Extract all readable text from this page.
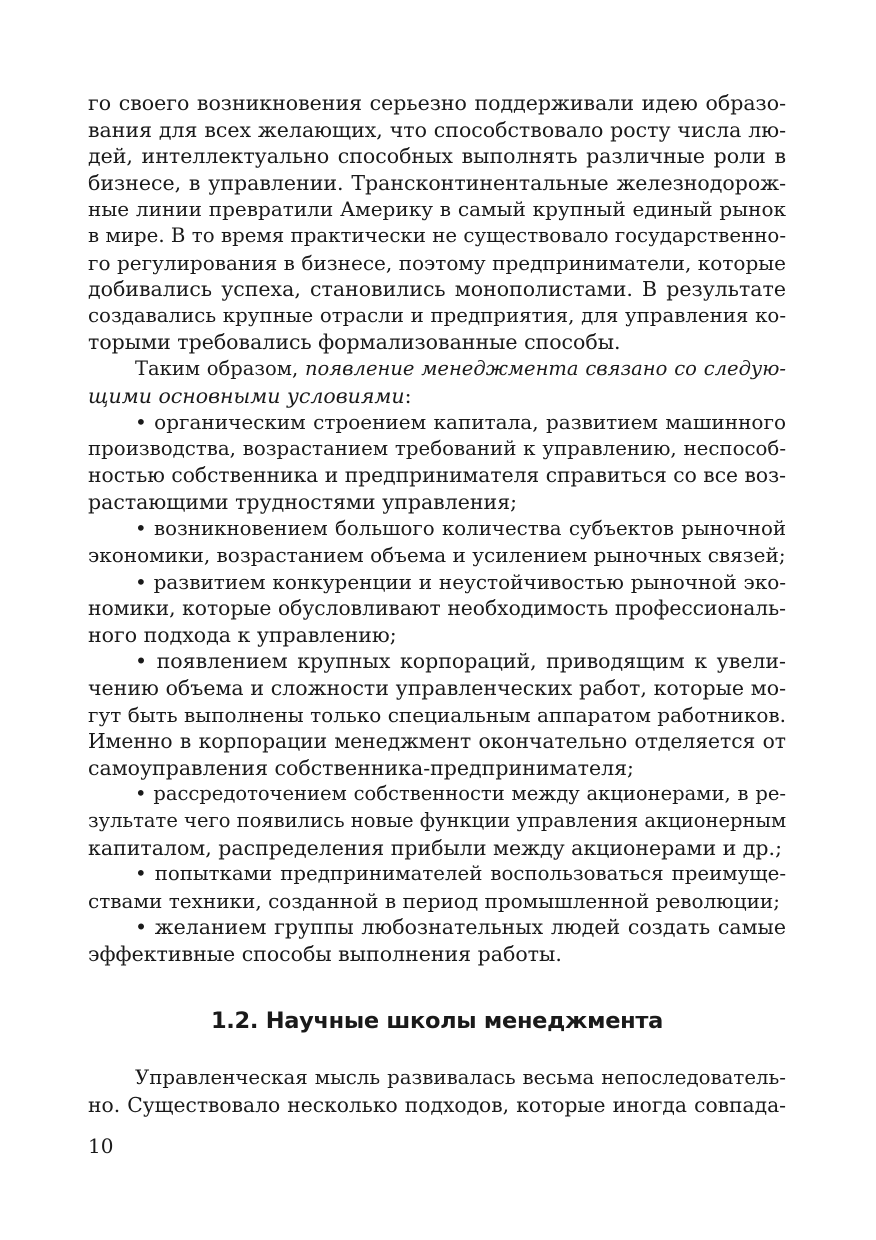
го своего возникновения серьезно поддерживали идею образо-
вания для всех желающих, что способствовало росту числа лю-
дей, интеллектуально способных выполнять различные роли в
бизнесе, в управлении. Трансконтинентальные железнодорож-
ные линии превратили Америку в самый крупный единый рынок
в мире. В то время практически не существовало государственно-
го регулирования в бизнесе, поэтому предприниматели, которые
добивались успеха, становились монополистами. В результате
создавались крупные отрасли и предприятия, для управления ко-
торыми требовались формализованные способы.
Таким образом, появление менеджмента связано со следую-
щими основными условиями:
• органическим строением капитала, развитием машинного
производства, возрастанием требований к управлению, неспособ-
ностью собственника и предпринимателя справиться со все воз-
растающими трудностями управления;
• возникновением большого количества субъектов рыночной
экономики, возрастанием объема и усилением рыночных связей;
• развитием конкуренции и неустойчивостью рыночной эко-
номики, которые обусловливают необходимость профессиональ-
ного подхода к управлению;
• появлением крупных корпораций, приводящим к увели-
чению объема и сложности управленческих работ, которые мо-
гут быть выполнены только специальным аппаратом работников.
Именно в корпорации менеджмент окончательно отделяется от
самоуправления собственника-предпринимателя;
• рассредоточением собственности между акционерами, в ре-
зультате чего появились новые функции управления акционерным
капиталом, распределения прибыли между акционерами и др.;
• попытками предпринимателей воспользоваться преимуще-
ствами техники, созданной в период промышленной революции;
• желанием группы любознательных людей создать самые
эффективные способы выполнения работы.
1.2. Научные школы менеджмента
Управленческая мысль развивалась весьма непоследователь-
но. Существовало несколько подходов, которые иногда совпада-
10
